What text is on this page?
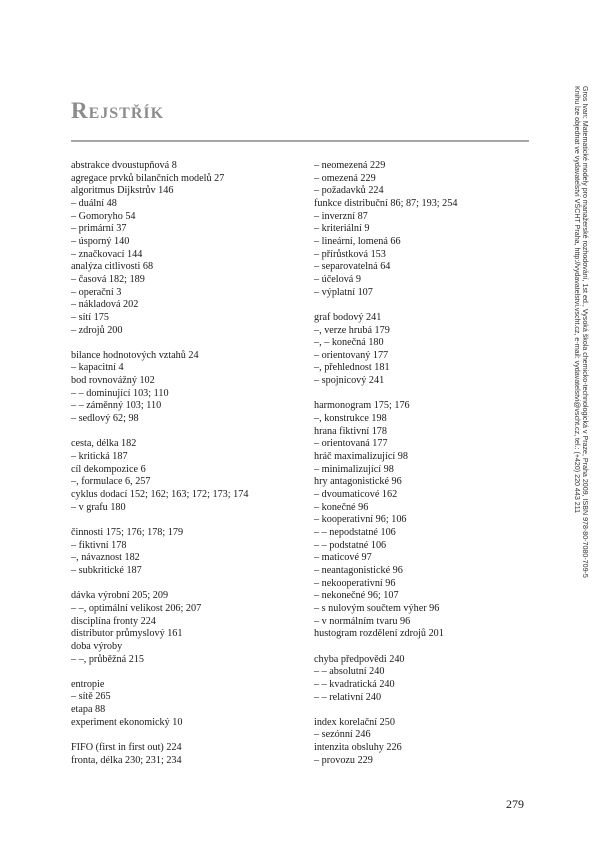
Rejstřík
abstrakce dvoustupňová 8
agregace prvků bilančních modelů 27
algoritmus Dijkstrův 146
– duální 48
– Gomoryho 54
– primární 37
– úsporný 140
– značkovací 144
analýza citlivosti 68
– časová 182; 189
– operační 3
– nákladová 202
– sítí 175
– zdrojů 200
bilance hodnotových vztahů 24
– kapacitní 4
bod rovnovážný 102
– – dominující 103; 110
– – záměnný 103; 110
– sedlový 62; 98
cesta, délka 182
– kritická 187
cíl dekompozice 6
–, formulace 6, 257
cyklus dodací 152; 162; 163; 172; 173; 174
– v grafu 180
činnosti 175; 176; 178; 179
– fiktivní 178
–, návaznost 182
– subkritické 187
dávka výrobní 205; 209
– –, optimální velikost 206; 207
disciplína fronty 224
distributor průmyslový 161
doba výroby
– –, průběžná 215
entropie
– sítě 265
etapa 88
experiment ekonomický 10
FIFO (first in first out) 224
fronta, délka 230; 231; 234
– neomezená 229
– omezená 229
– požadavků 224
funkce distribuční 86; 87; 193; 254
– inverzní 87
– kriteriální 9
– lineární, lomená 66
– přírůstková 153
– separovatelná 64
– účelová 9
– výplatní 107
graf bodový 241
–, verze hrubá 179
–, – konečná 180
– orientovaný 177
–, přehlednost 181
– spojnicový 241
harmonogram 175; 176
–, konstrukce 198
hrana fiktivní 178
– orientovaná 177
hráč maximalizující 98
– minimalizující 98
hry antagonistické 96
– dvoumaticové 162
– konečné 96
– kooperativní 96; 106
– – nepodstatné 106
– – podstatné 106
– maticové 97
– neantagonistické 96
– nekooperativní 96
– nekonečné 96; 107
– s nulovým součtem výher 96
– v normálním tvaru 96
hustogram rozdělení zdrojů 201
chyba předpovědi 240
– – absolutní 240
– – kvadratická 240
– – relativní 240
index korelační 250
– sezónní 246
intenzita obsluhy 226
– provozu 229
Gros Ivan: Matematické modely pro manažerské rozhodování, 1st ed., Vysoká škola chemicko-technologická v Praze, Praha 2009, ISBN 978-80-7080-709-5
Knihu lze objednat ve vydavatelství VŠCHT Praha, http://vydavatelstvi.vscht.cz, e-mail: vydavatelstvi@vscht.cz, tel.: (+420) 220 443 211
279
